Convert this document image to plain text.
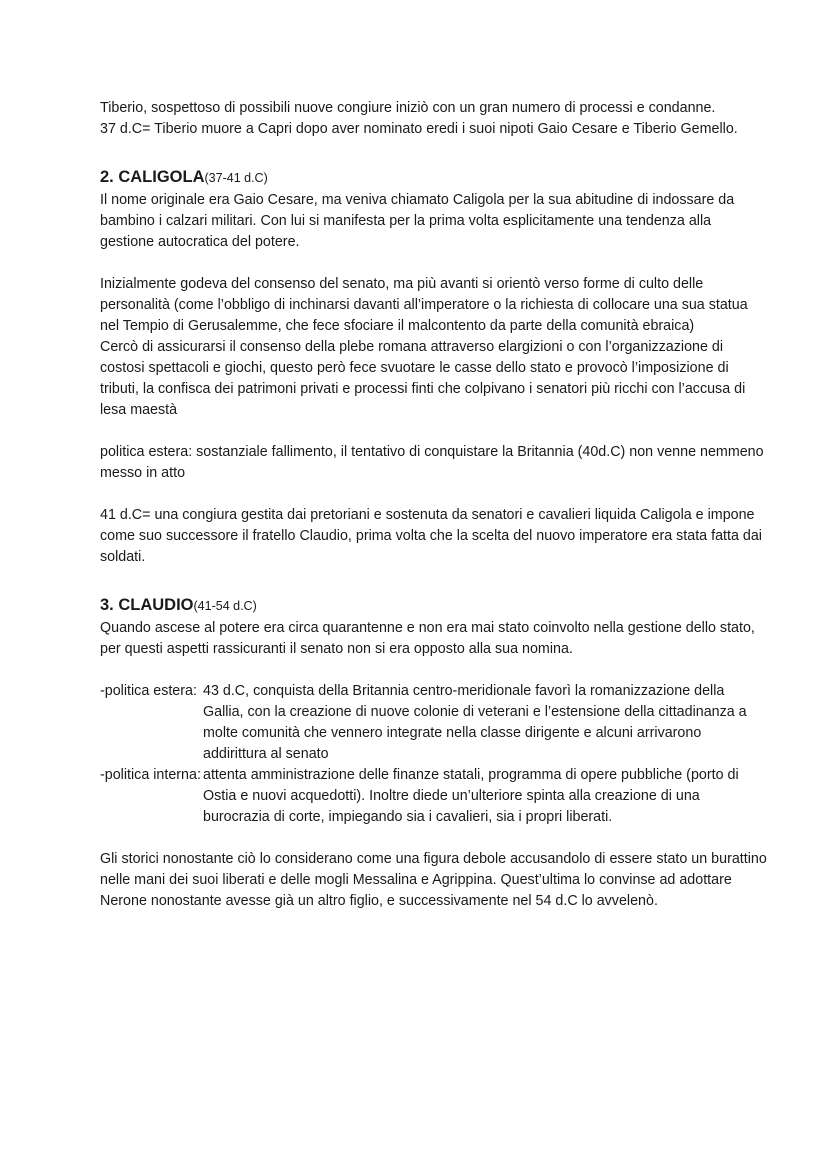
Tiberio, sospettoso di possibili nuove congiure iniziò con un gran numero di processi e condanne.

37 d.C= Tiberio muore a Capri dopo aver nominato eredi i suoi nipoti Gaio Cesare e Tiberio Gemello.

2. CALIGOLA(37-41 d.C)

Il nome originale era Gaio Cesare, ma veniva chiamato Caligola per la sua abitudine di indossare da bambino i calzari militari. Con lui si manifesta per la prima volta esplicitamente una tendenza alla gestione autocratica del potere.

Inizialmente godeva del consenso del senato, ma più avanti si orientò verso forme di culto delle personalità (come l’obbligo di inchinarsi davanti all’imperatore o la richiesta di collocare una sua statua nel Tempio di Gerusalemme, che fece sfociare il malcontento da parte della comunità ebraica)

Cercò di assicurarsi il consenso della plebe romana attraverso elargizioni o con l’organizzazione di costosi spettacoli e giochi, questo però fece svuotare le casse dello stato e provocò l’imposizione di tributi, la confisca dei patrimoni privati e processi finti che colpivano i senatori più ricchi con l’accusa di lesa maestà

politica estera: sostanziale fallimento, il tentativo di conquistare la Britannia (40d.C) non venne nemmeno messo in atto

41 d.C= una congiura gestita dai pretoriani e sostenuta da senatori e cavalieri liquida Caligola e impone come suo successore il fratello Claudio, prima volta che la scelta del nuovo imperatore era stata fatta dai soldati.

3. CLAUDIO(41-54 d.C)

Quando ascese al potere era circa quarantenne e non era mai stato coinvolto nella gestione dello stato, per questi aspetti rassicuranti il senato non si era opposto alla sua nomina.

-politica estera: 43 d.C, conquista della Britannia centro-meridionale favorì la romanizzazione della Gallia, con la creazione di nuove colonie di veterani e l’estensione della cittadinanza a molte comunità che vennero integrate nella classe dirigente e alcuni arrivarono addirittura al senato
-politica interna: attenta amministrazione delle finanze statali, programma di opere pubbliche (porto di Ostia e nuovi acquedotti). Inoltre diede un’ulteriore spinta alla creazione di una burocrazia di corte, impiegando sia i cavalieri, sia i propri liberati.

Gli storici nonostante ciò lo considerano come una figura debole accusandolo di essere stato un burattino nelle mani dei suoi liberati e delle mogli Messalina e Agrippina. Quest’ultima lo convinse ad adottare Nerone nonostante avesse già un altro figlio, e successivamente nel 54 d.C lo avvelenò.
